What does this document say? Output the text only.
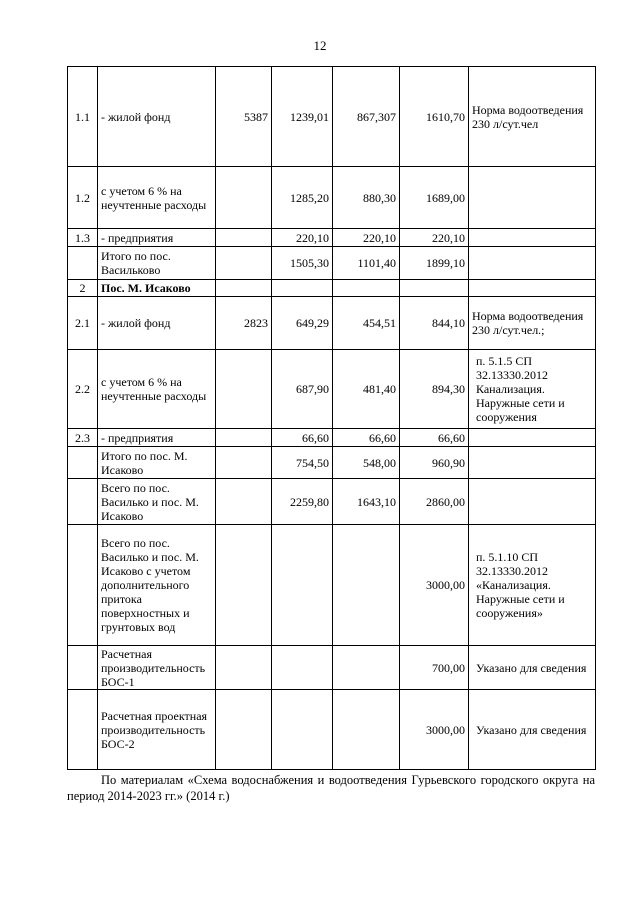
12
1.1	- жилой фонд	5387	1239,01	867,307	1610,70	Норма водоотведения 230 л/сут.чел
1.2	с учетом 6 % на неучтенные расходы		1285,20	880,30	1689,00	
1.3	- предприятия		220,10	220,10	220,10	
	Итого по пос. Васильково		1505,30	1101,40	1899,10	
2	Пос. М. Исаково					
2.1	- жилой фонд	2823	649,29	454,51	844,10	Норма водоотведения 230 л/сут.чел.;
2.2	с учетом 6 % на неучтенные расходы		687,90	481,40	894,30	п. 5.1.5 СП 32.13330.2012 Канализация. Наружные сети и сооружения

2.3	- предприятия		66,60	66,60	66,60	
	Итого по пос. М. Исаково		754,50	548,00	960,90	
	Всего по пос. Василько и пос. М. Исаково		2259,80	1643,10	2860,00	
	Всего по пос. Василько и пос. М. Исаково с учетом дополнительного притока поверхностных и грунтовых вод				3000,00	п. 5.1.10 СП 32.13330.2012 «Канализация. Наружные сети и сооружения»

	Расчетная производительность БОС-1				700,00	Указано для сведения

	Расчетная проектная производительность БОС-2				3000,00	Указано для сведения
По материалам «Схема водоснабжения и водоотведения Гурьевского городского округа на период 2014-2023 гг.» (2014 г.)
